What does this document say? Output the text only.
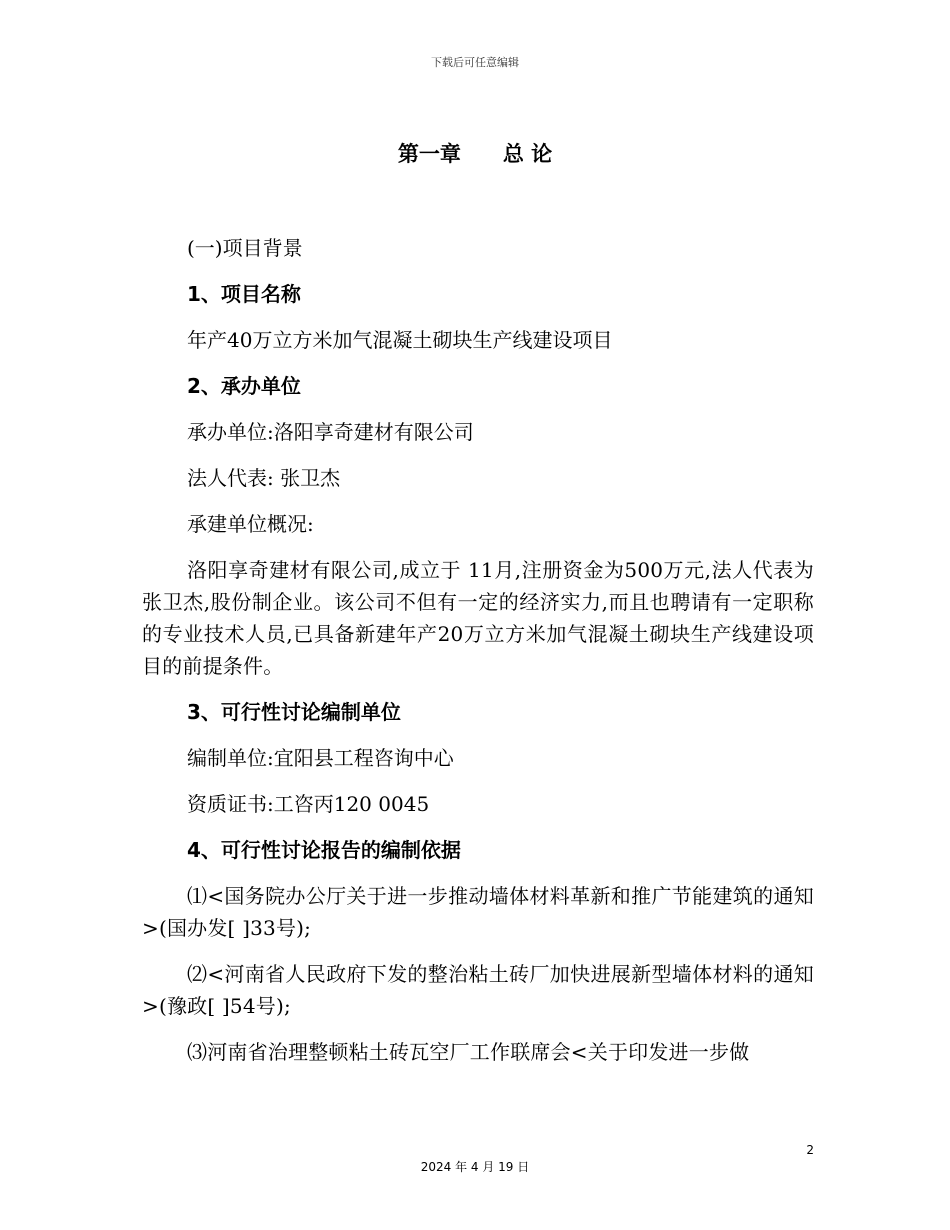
下载后可任意编辑
第一章　　总 论

(一)项目背景

1、项目名称

年产40万立方米加气混凝土砌块生产线建设项目

2、承办单位

承办单位:洛阳享奇建材有限公司

法人代表: 张卫杰

承建单位概况:

洛阳享奇建材有限公司,成立于 11月,注册资金为500万元,法人代表为张卫杰,股份制企业。该公司不但有一定的经济实力,而且也聘请有一定职称的专业技术人员,已具备新建年产20万立方米加气混凝土砌块生产线建设项目的前提条件。

3、可行性讨论编制单位

编制单位:宜阳县工程咨询中心

资质证书:工咨丙120 0045

4、可行性讨论报告的编制依据

⑴<国务院办公厅关于进一步推动墙体材料革新和推广节能建筑的通知>(国办发[ ]33号);

⑵<河南省人民政府下发的整治粘土砖厂加快进展新型墙体材料的通知>(豫政[ ]54号);

⑶河南省治理整顿粘土砖瓦空厂工作联席会<关于印发进一步做

2
2024 年 4 月 19 日
